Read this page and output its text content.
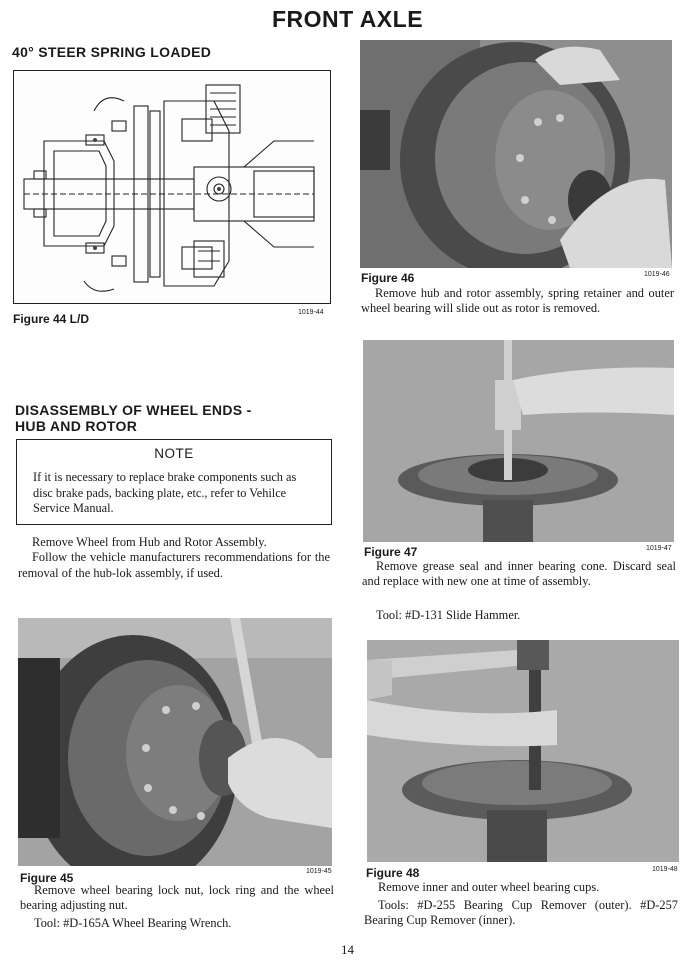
FRONT AXLE
40° STEER SPRING LOADED
Figure 44 L/D	1019-44
DISASSEMBLY OF WHEEL ENDS -
HUB AND ROTOR
NOTE
If it is necessary to replace brake components such as disc brake pads, backing plate, etc., refer to Vehilce Service Manual.
Remove Wheel from Hub and Rotor Assembly.
Follow the vehicle manufacturers recommendations for the removal of the hub-lok assembly, if used.
Figure 45	1019-45
Remove wheel bearing lock nut, lock ring and the wheel bearing adjusting nut.
Tool: #D-165A Wheel Bearing Wrench.
Figure 46	1019-46
Remove hub and rotor assembly, spring retainer and outer wheel bearing will slide out as rotor is removed.
Figure 47	1019-47
Remove grease seal and inner bearing cone. Discard seal and replace with new one at time of assembly.
Tool: #D-131 Slide Hammer.
Figure 48	1019-48
Remove inner and outer wheel bearing cups.
Tools: #D-255 Bearing Cup Remover (outer). #D-257 Bearing Cup Remover (inner).
14
